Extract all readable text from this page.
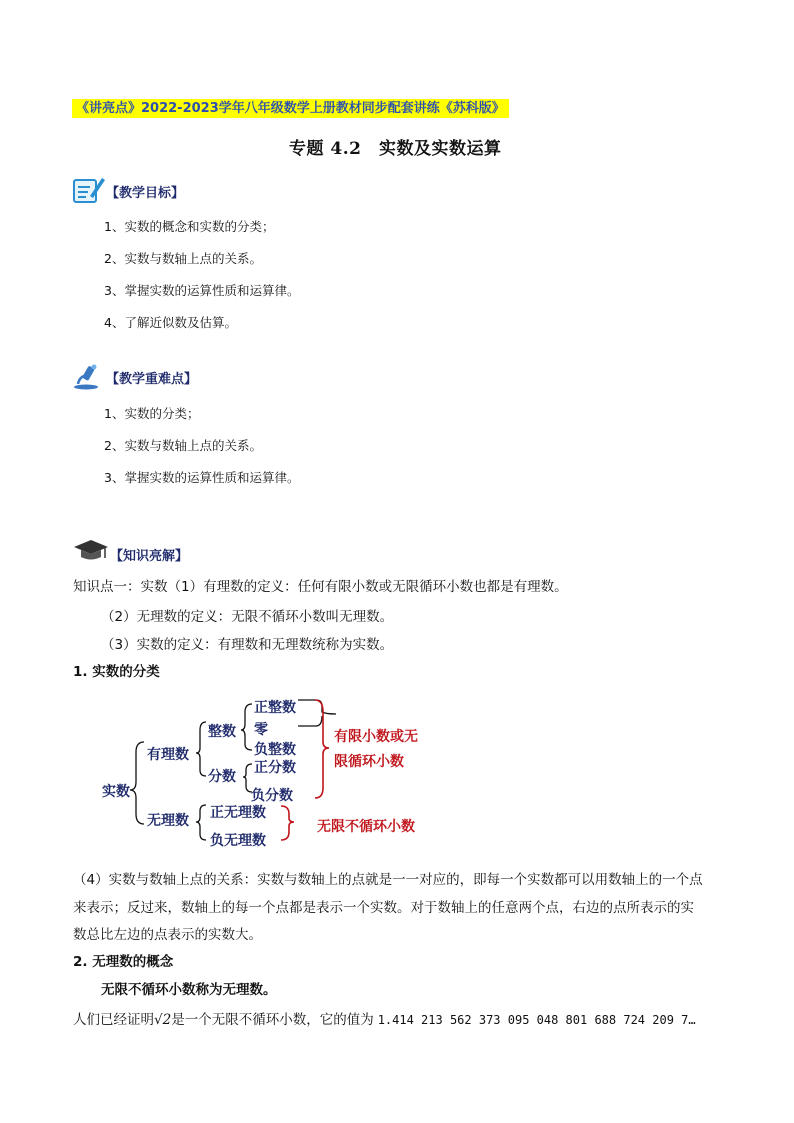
《讲亮点》2022-2023学年八年级数学上册教材同步配套讲练《苏科版》
专题 4.2　实数及实数运算
【教学目标】
1、实数的概念和实数的分类；
2、实数与数轴上点的关系。
3、掌握实数的运算性质和运算律。
4、了解近似数及估算。
【教学重难点】
1、实数的分类；
2、实数与数轴上点的关系。
3、掌握实数的运算性质和运算律。
【知识亮解】
知识点一：实数（1）有理数的定义：任何有限小数或无限循环小数也都是有理数。
（2）无理数的定义：无限不循环小数叫无理数。
（3）实数的定义：有理数和无理数统称为实数。
1. 实数的分类
实数
有理数
无理数
整数
分数
正整数
零
负整数
正分数
负分数
正无理数
负无理数
有限小数或无
限循环小数
无限不循环小数
（4）实数与数轴上点的关系：实数与数轴上的点就是一一对应的，即每一个实数都可以用数轴上的一个点
来表示；反过来，数轴上的每一个点都是表示一个实数。对于数轴上的任意两个点，右边的点所表示的实
数总比左边的点表示的实数大。
2. 无理数的概念
无限不循环小数称为无理数。
人们已经证明√2是一个无限不循环小数，它的值为 1.414 213 562 373 095 048 801 688 724 209 7…
